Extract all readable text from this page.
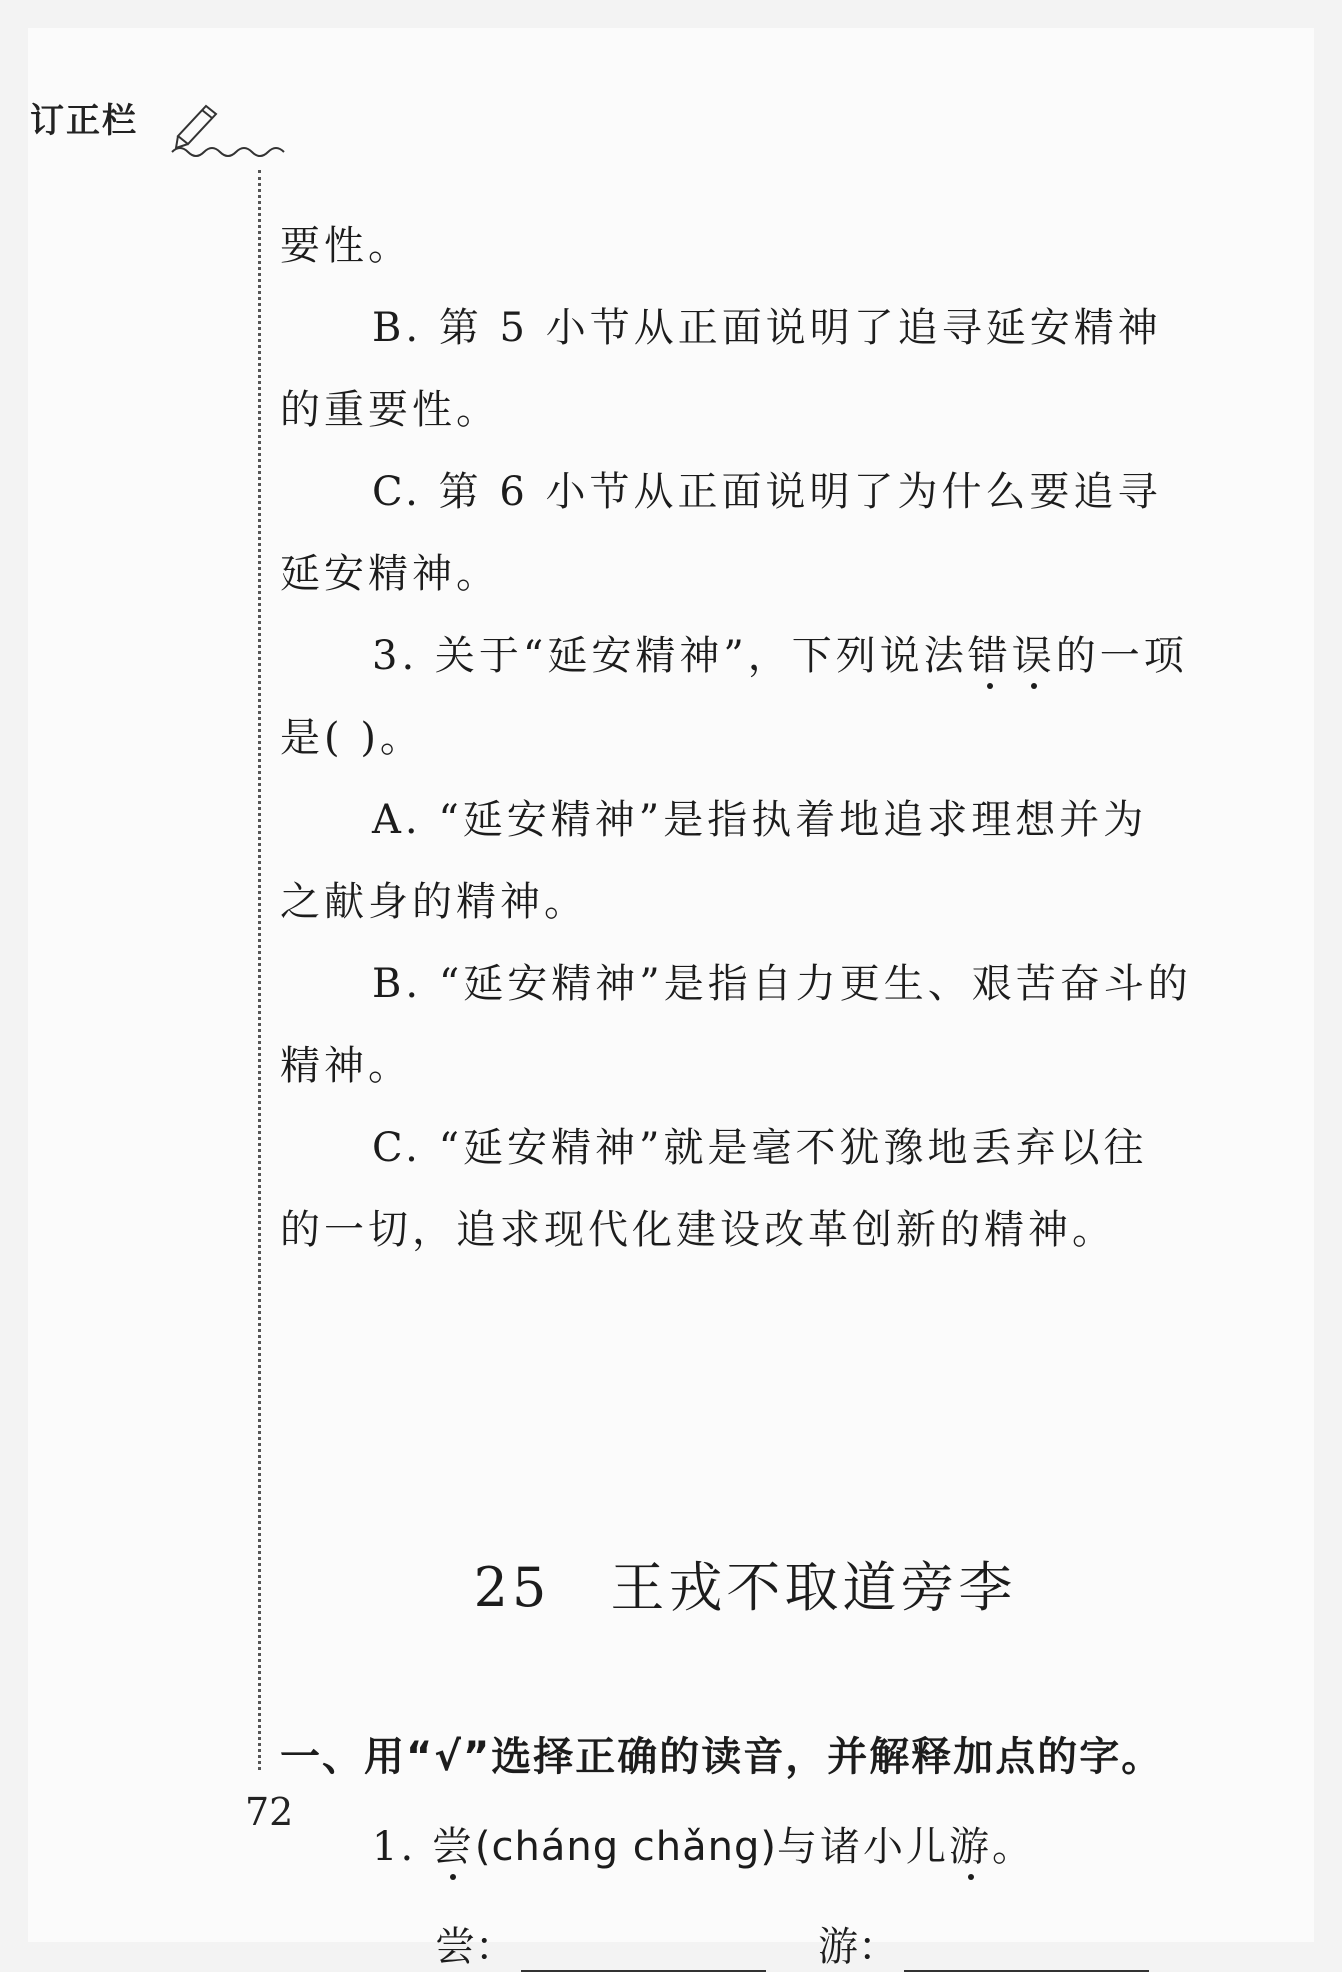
订正栏
要性。
B. 第 5 小节从正面说明了追寻延安精神
的重要性。
C. 第 6 小节从正面说明了为什么要追寻
延安精神。
3. 关于“延安精神”，下列说法错误的一项
是( )。
A. “延安精神”是指执着地追求理想并为
之献身的精神。
B. “延安精神”是指自力更生、艰苦奋斗的
精神。
C. “延安精神”就是毫不犹豫地丢弃以往
的一切，追求现代化建设改革创新的精神。
25 王戎不取道旁李
一、用“√”选择正确的读音，并解释加点的字。
1. 尝(cháng chǎng)与诸小儿游。
尝：	游：
72
